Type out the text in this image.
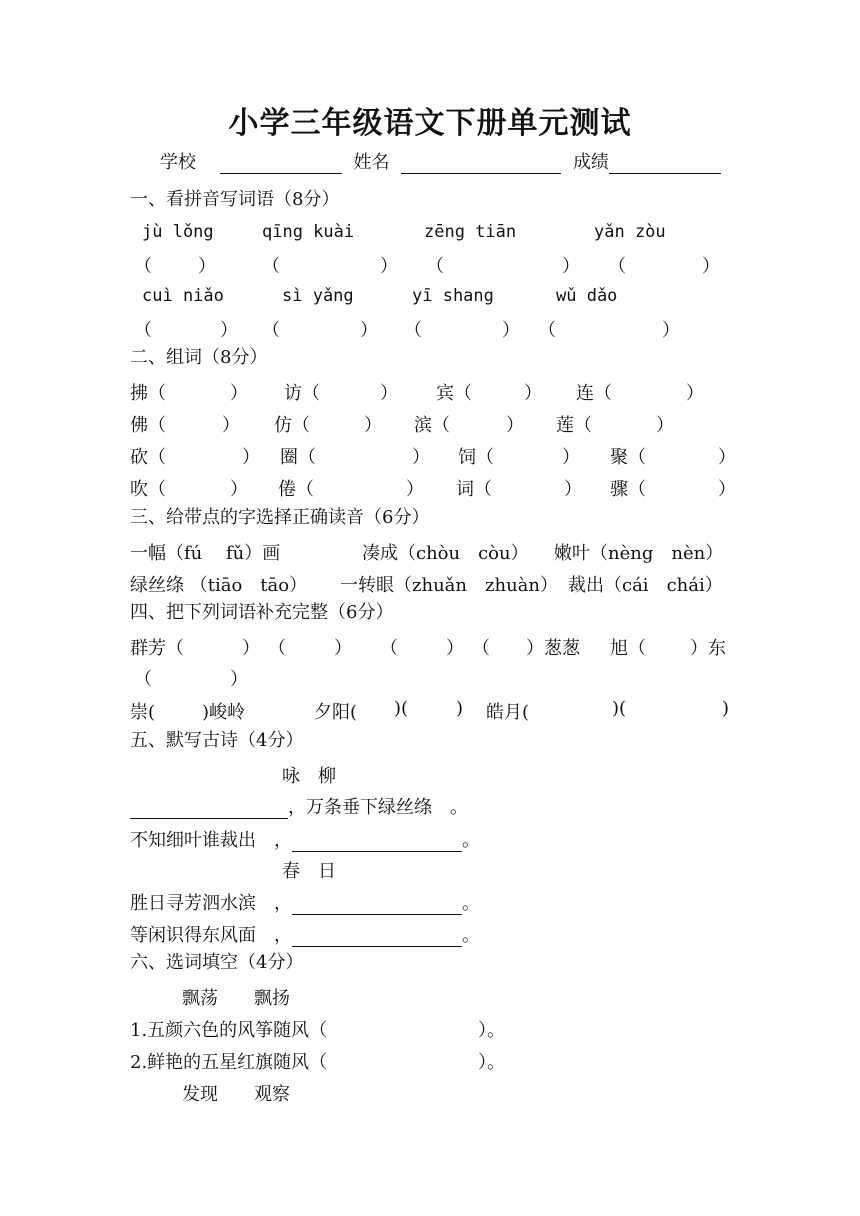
小学三年级语文下册单元测试
学校	姓名	成绩
一、看拼音写词语（8分）
jù lǒng	qīng kuài	zēng tiān	yǎn zòu
（	）	（	） （	） （	）
cuì niǎo	sì yǎng	yī shang	wǔ dǎo
（	） （	） （	） （	）
二、组词（8分）
拂（	） 访（	） 宾（	） 连（	）
佛（	） 仿（	） 滨（	） 莲（	）
砍（	） 圈（	） 饲（	） 聚（	）
吹（	） 倦（	） 词（	） 骤（	）
三、给带点的字选择正确读音（6分）
一幅（fú　 fǔ）画	凑成（chòu　còu） 嫩叶（nèng　nèn）
绿丝绦 （tiāo　tāo） 一转眼（zhuǎn　zhuàn） 裁出（cái　chái）
四、把下列词语补充完整（6分）
群芳（	） （	） （	） （ ）葱葱 旭（ ）东
（	）
崇(	)峻岭	夕阳( )(	) 皓月(	)(	)
五、默写古诗（4分）
咏　柳
，万条垂下绿丝绦　。
不知细叶谁裁出　，	。
春　日
胜日寻芳泗水滨　，	。
等闲识得东风面　，	。
六、选词填空（4分）
飘荡　　飘扬
1.五颜六色的风筝随风（	）。
2.鲜艳的五星红旗随风（	）。
发现　　观察
